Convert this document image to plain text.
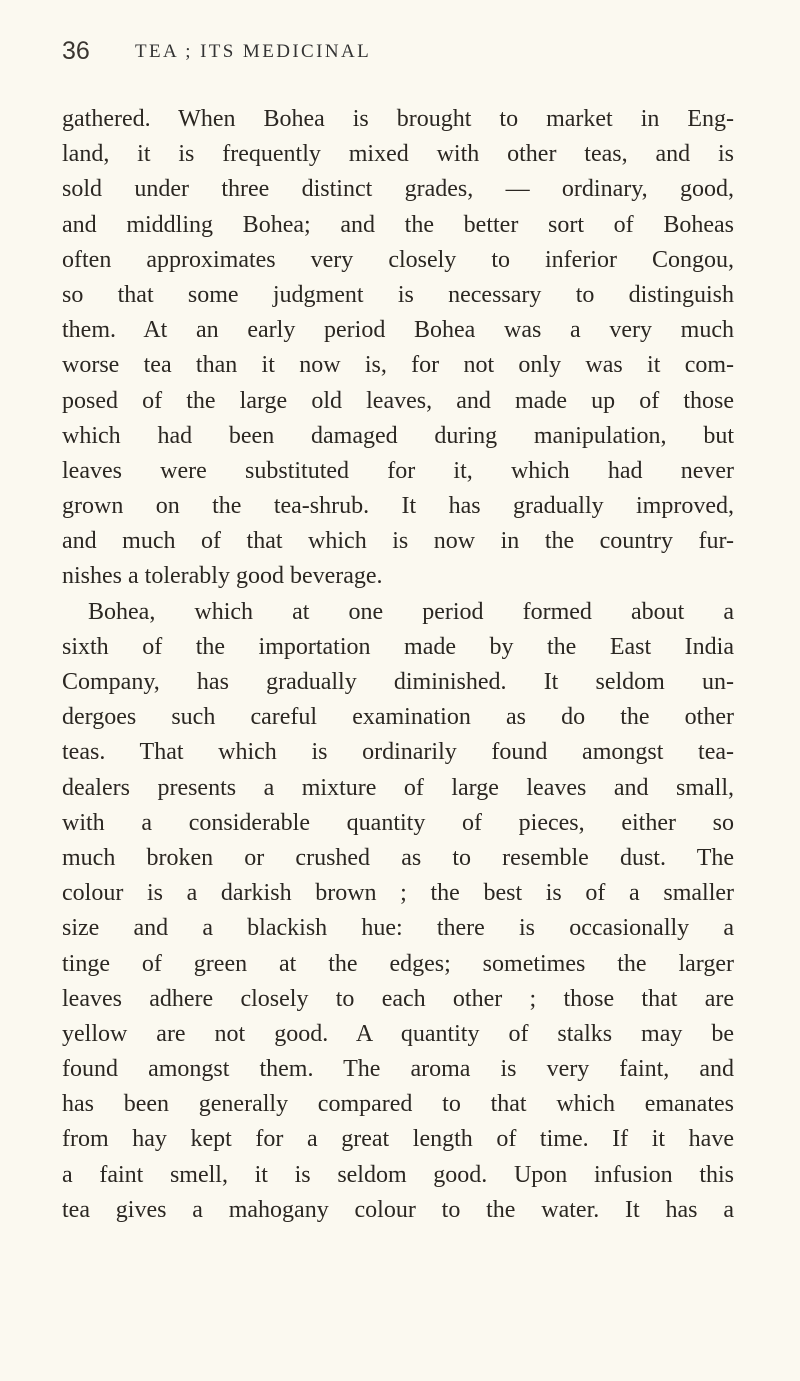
36 TEA ; ITS MEDICINAL
gathered. When Bohea is brought to market in Eng-
land, it is frequently mixed with other teas, and is
sold under three distinct grades, — ordinary, good,
and middling Bohea; and the better sort of Boheas
often approximates very closely to inferior Congou,
so that some judgment is necessary to distinguish
them. At an early period Bohea was a very much
worse tea than it now is, for not only was it com-
posed of the large old leaves, and made up of those
which had been damaged during manipulation, but
leaves were substituted for it, which had never
grown on the tea-shrub. It has gradually improved,
and much of that which is now in the country fur-
nishes a tolerably good beverage.
Bohea, which at one period formed about a
sixth of the importation made by the East India
Company, has gradually diminished. It seldom un-
dergoes such careful examination as do the other
teas. That which is ordinarily found amongst tea-
dealers presents a mixture of large leaves and small,
with a considerable quantity of pieces, either so
much broken or crushed as to resemble dust. The
colour is a darkish brown ; the best is of a smaller
size and a blackish hue: there is occasionally a
tinge of green at the edges; sometimes the larger
leaves adhere closely to each other ; those that are
yellow are not good. A quantity of stalks may be
found amongst them. The aroma is very faint, and
has been generally compared to that which emanates
from hay kept for a great length of time. If it have
a faint smell, it is seldom good. Upon infusion this
tea gives a mahogany colour to the water. It has a
